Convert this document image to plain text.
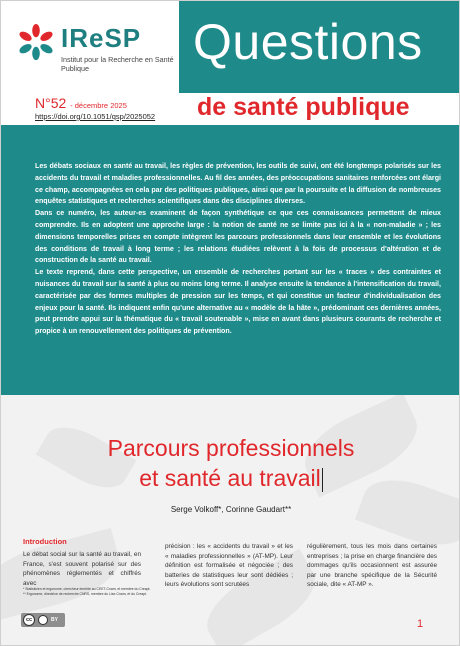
IReSP
Institut pour la Recherche en Santé Publique	Questions
N°52 - décembre 2025
https://doi.org/10.1051/qsp/2025052 de santé publique

Les débats sociaux en santé au travail, les règles de prévention, les outils de suivi, ont été longtemps polarisés sur les accidents du travail et maladies professionnelles. Au fil des années, des préoccupations sanitaires renforcées ont élargi ce champ, accompagnées en cela par des politiques publiques, ainsi que par la poursuite et la diffusion de nombreuses enquêtes statistiques et recherches scientifiques dans des disciplines diverses.

Dans ce numéro, les auteur-es examinent de façon synthétique ce que ces connaissances permettent de mieux comprendre. Ils en adoptent une approche large : la notion de santé ne se limite pas ici à la « non-maladie » ; les dimensions temporelles prises en compte intègrent les parcours professionnels dans leur ensemble et les évolutions des conditions de travail à long terme ; les relations étudiées relèvent à la fois de processus d'altération et de construction de la santé au travail.

Le texte reprend, dans cette perspective, un ensemble de recherches portant sur les « traces » des contraintes et nuisances du travail sur la santé à plus ou moins long terme. Il analyse ensuite la tendance à l'intensification du travail, caractérisée par des formes multiples de pression sur les temps, et qui constitue un facteur d'individualisation des enjeux pour la santé. Ils indiquent enfin qu'une alternative au « modèle de la hâte », prédominant ces dernières années, peut prendre appui sur la thématique du « travail soutenable », mise en avant dans plusieurs courants de recherche et propice à un renouvellement des politiques de prévention.

Parcours professionnels
et santé au travail
Serge Volkoff*, Corinne Gaudart**
Introduction
Le débat social sur la santé au travail, en France, s'est souvent polarisé sur des phénomènes réglementés et chiffrés avec
précision : les « accidents du travail » et les « maladies professionnelles » (AT-MP). Leur définition est formalisée et négociée ; des batteries de statistiques leur sont dédiées ; leurs évolutions sont scrutées
régulièrement, tous les mois dans certaines entreprises ; la prise en charge financière des dommages qu'ils occasionnent est assurée par une branche spécifique de la Sécurité sociale, dite « AT-MP ».
* Statisticien et ergonome, chercheur émérite au CEET-Cnam, et membre du Creapt.
** Ergonome, directrice de recherche CNRS, membre du Lise-Cnam, et du Creapt.
cc	BY	1
